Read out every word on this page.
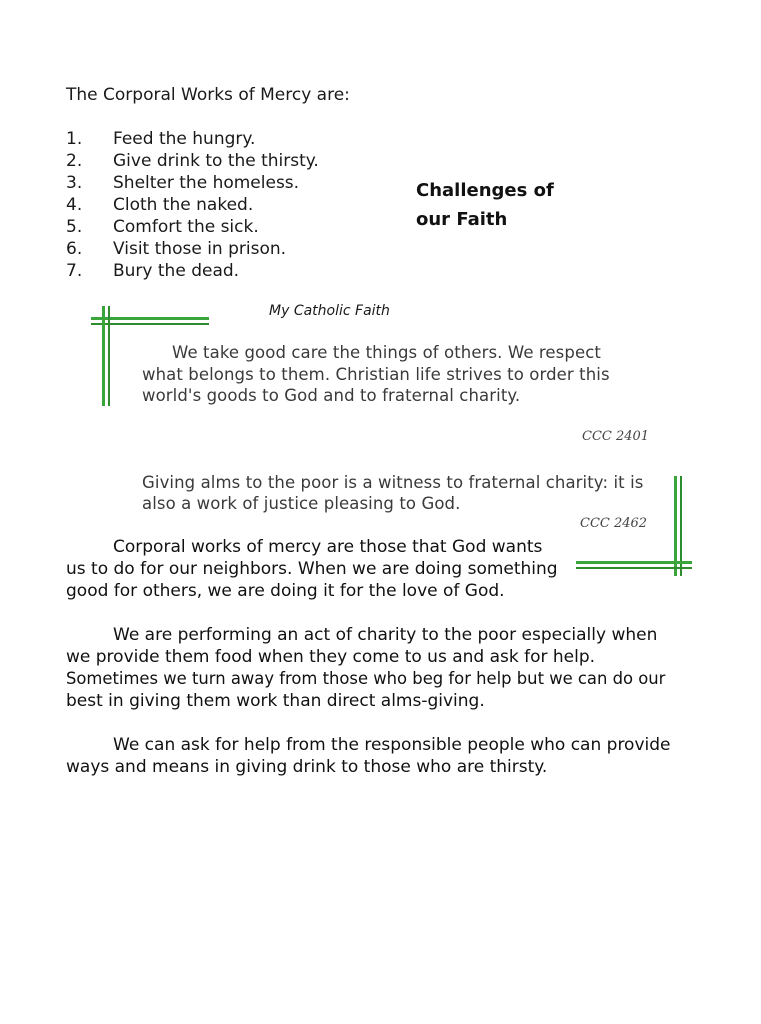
The Corporal Works of Mercy are:
1. Feed the hungry.
2. Give drink to the thirsty.
3. Shelter the homeless.
4. Cloth the naked.
5. Comfort the sick.
6. Visit those in prison.
7. Bury the dead.
Challenges of
our Faith
My Catholic Faith
We take good care the things of others. We respect
what belongs to them. Christian life strives to order this
world's goods to God and to fraternal charity.
CCC 2401
Giving alms to the poor is a witness to fraternal charity: it is
also a work of justice pleasing to God.
CCC 2462
Corporal works of mercy are those that God wants
us to do for our neighbors. When we are doing something
good for others, we are doing it for the love of God.
We are performing an act of charity to the poor especially when
we provide them food when they come to us and ask for help.
Sometimes we turn away from those who beg for help but we can do our
best in giving them work than direct alms-giving.
We can ask for help from the responsible people who can provide
ways and means in giving drink to those who are thirsty.
